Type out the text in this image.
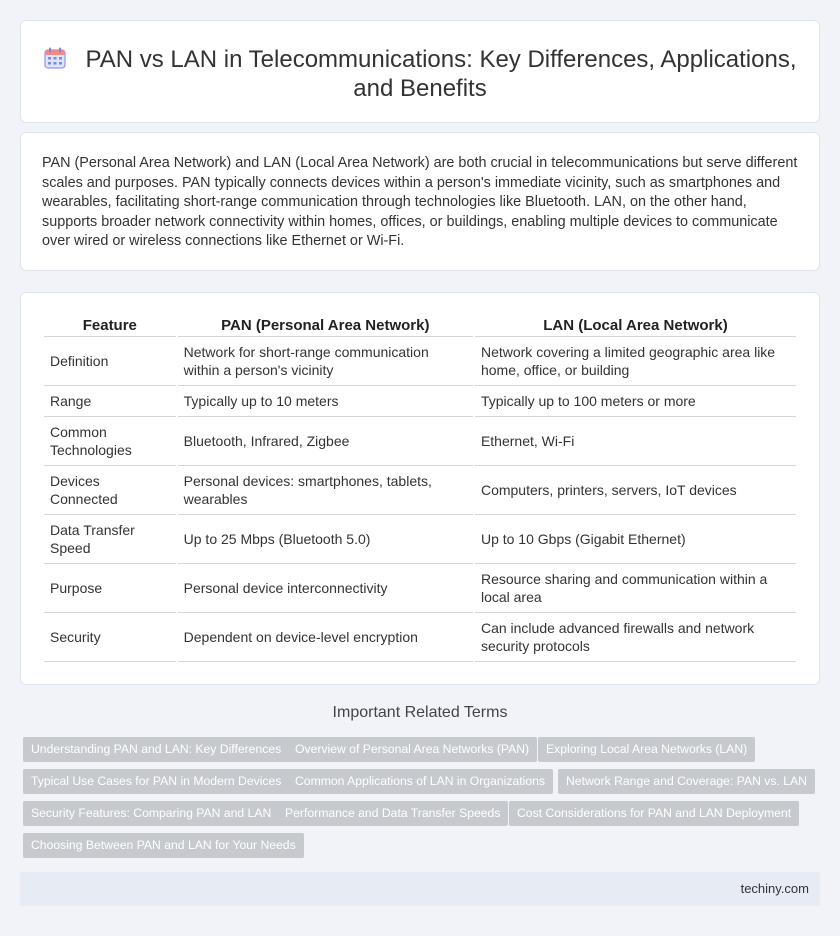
PAN vs LAN in Telecommunications: Key Differences, Applications, and Benefits

PAN (Personal Area Network) and LAN (Local Area Network) are both crucial in telecommunications but serve different scales and purposes. PAN typically connects devices within a person's immediate vicinity, such as smartphones and wearables, facilitating short-range communication through technologies like Bluetooth. LAN, on the other hand, supports broader network connectivity within homes, offices, or buildings, enabling multiple devices to communicate over wired or wireless connections like Ethernet or Wi-Fi.

Feature	PAN (Personal Area Network)	LAN (Local Area Network)
Definition	Network for short-range communication within a person's vicinity	Network covering a limited geographic area like home, office, or building
Range	Typically up to 10 meters	Typically up to 100 meters or more
Common Technologies	Bluetooth, Infrared, Zigbee	Ethernet, Wi-Fi
Devices Connected	Personal devices: smartphones, tablets, wearables	Computers, printers, servers, IoT devices
Data Transfer Speed	Up to 25 Mbps (Bluetooth 5.0)	Up to 10 Gbps (Gigabit Ethernet)
Purpose	Personal device interconnectivity	Resource sharing and communication within a local area
Security	Dependent on device-level encryption	Can include advanced firewalls and network security protocols
Important Related Terms
Understanding PAN and LAN: Key Differences	Overview of Personal Area Networks (PAN)	Exploring Local Area Networks (LAN)
Typical Use Cases for PAN in Modern Devices	Common Applications of LAN in Organizations	Network Range and Coverage: PAN vs. LAN
Security Features: Comparing PAN and LAN	Performance and Data Transfer Speeds	Cost Considerations for PAN and LAN Deployment
Choosing Between PAN and LAN for Your Needs
techiny.com
